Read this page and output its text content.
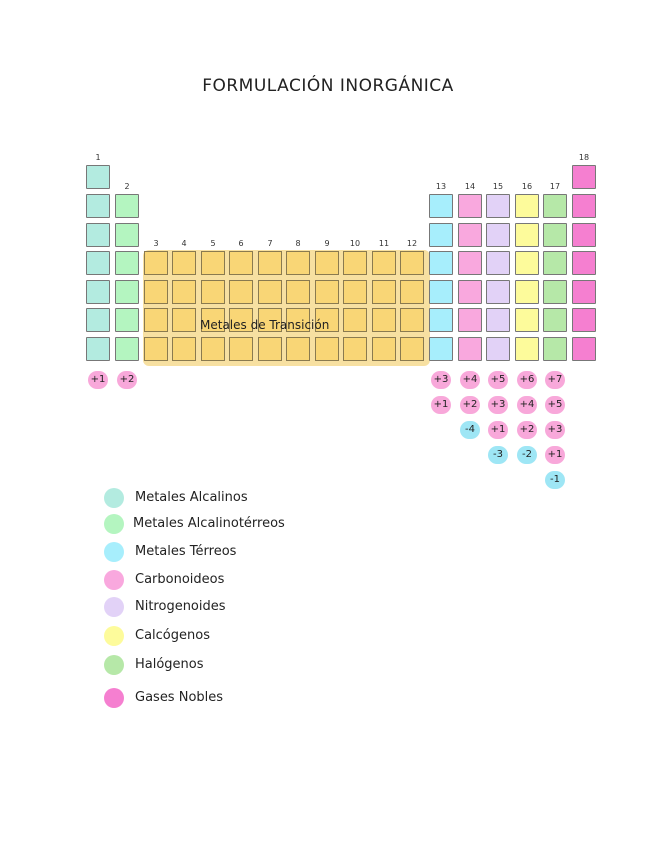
FORMULACIÓN INORGÁNICA
1
2
3	4	5	6	7	8	9	10	11	12
13	14	15	16	17
18
+1 +2	+3
+1
+4
+2
-4
+5
+3
+1
-3
+6
+4
+2
-2
+7
+5
+3
+1
-1
Metales de Transición
Metales Alcalinos
Metales Alcalinotérreos
Metales Térreos
Carbonoideos
Nitrogenoides
Calcógenos
Halógenos
Gases Nobles
